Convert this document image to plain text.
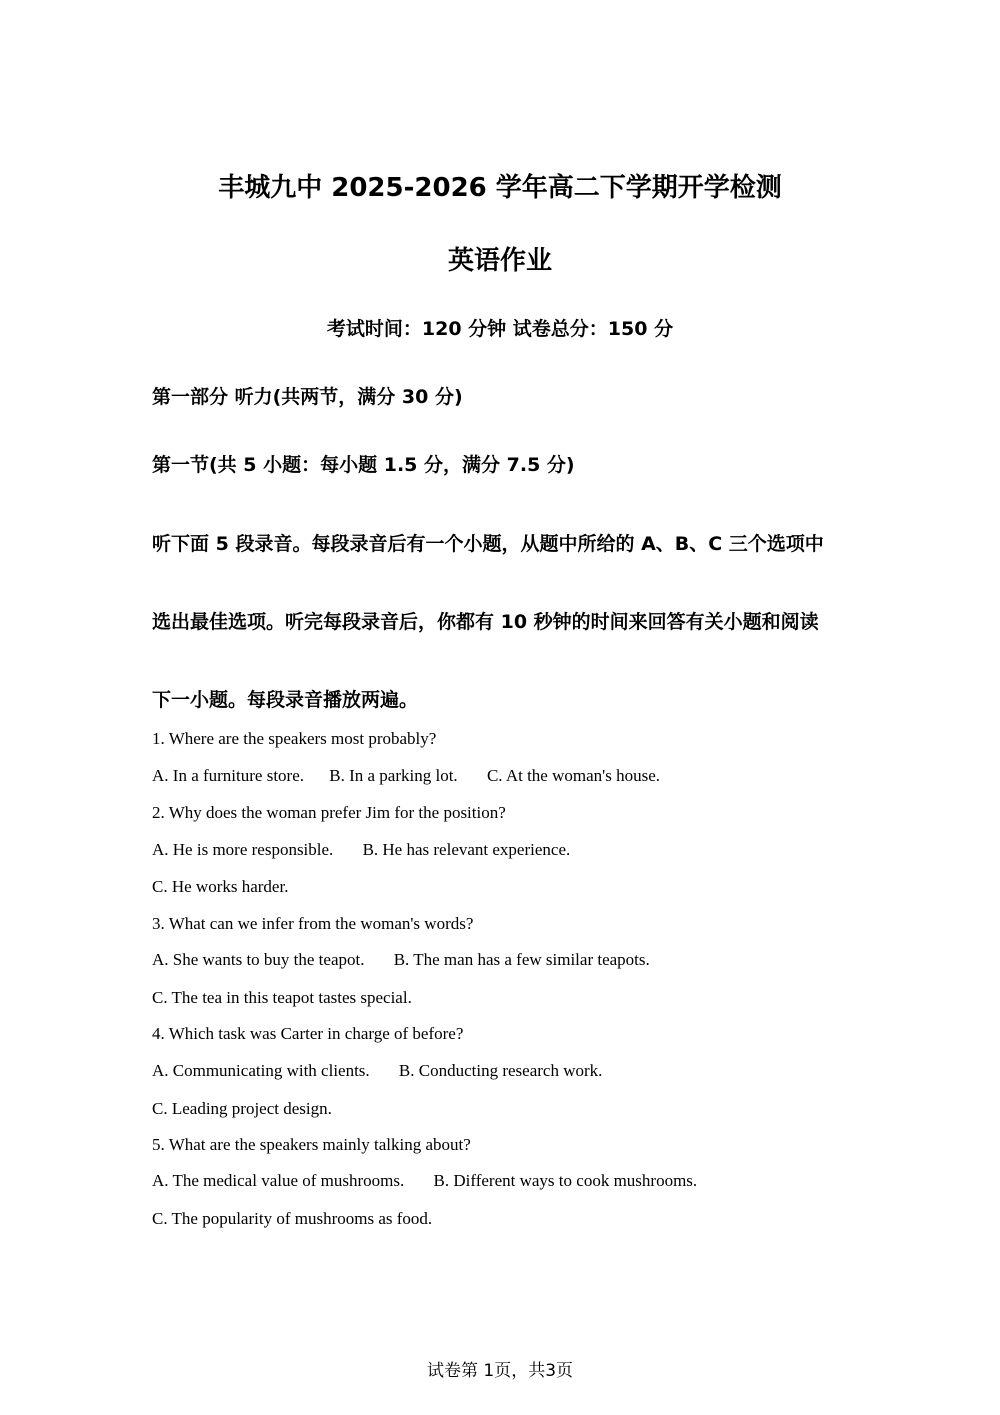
丰城九中 2025-2026 学年高二下学期开学检测
英语作业
考试时间：120 分钟 试卷总分：150 分
第一部分 听力(共两节，满分 30 分)
第一节(共 5 小题：每小题 1.5 分，满分 7.5 分)
听下面 5 段录音。每段录音后有一个小题，从题中所给的 A、B、C 三个选项中
选出最佳选项。听完每段录音后，你都有 10 秒钟的时间来回答有关小题和阅读
下一小题。每段录音播放两遍。
1. Where are the speakers most probably?
A. In a furniture store. B. In a parking lot. C. At the woman's house.
2. Why does the woman prefer Jim for the position?
A. He is more responsible. B. He has relevant experience.
C. He works harder.
3. What can we infer from the woman's words?
A. She wants to buy the teapot. B. The man has a few similar teapots.
C. The tea in this teapot tastes special.
4. Which task was Carter in charge of before?
A. Communicating with clients. B. Conducting research work.
C. Leading project design.
5. What are the speakers mainly talking about?
A. The medical value of mushrooms. B. Different ways to cook mushrooms.
C. The popularity of mushrooms as food.
试卷第 1页，共3页
